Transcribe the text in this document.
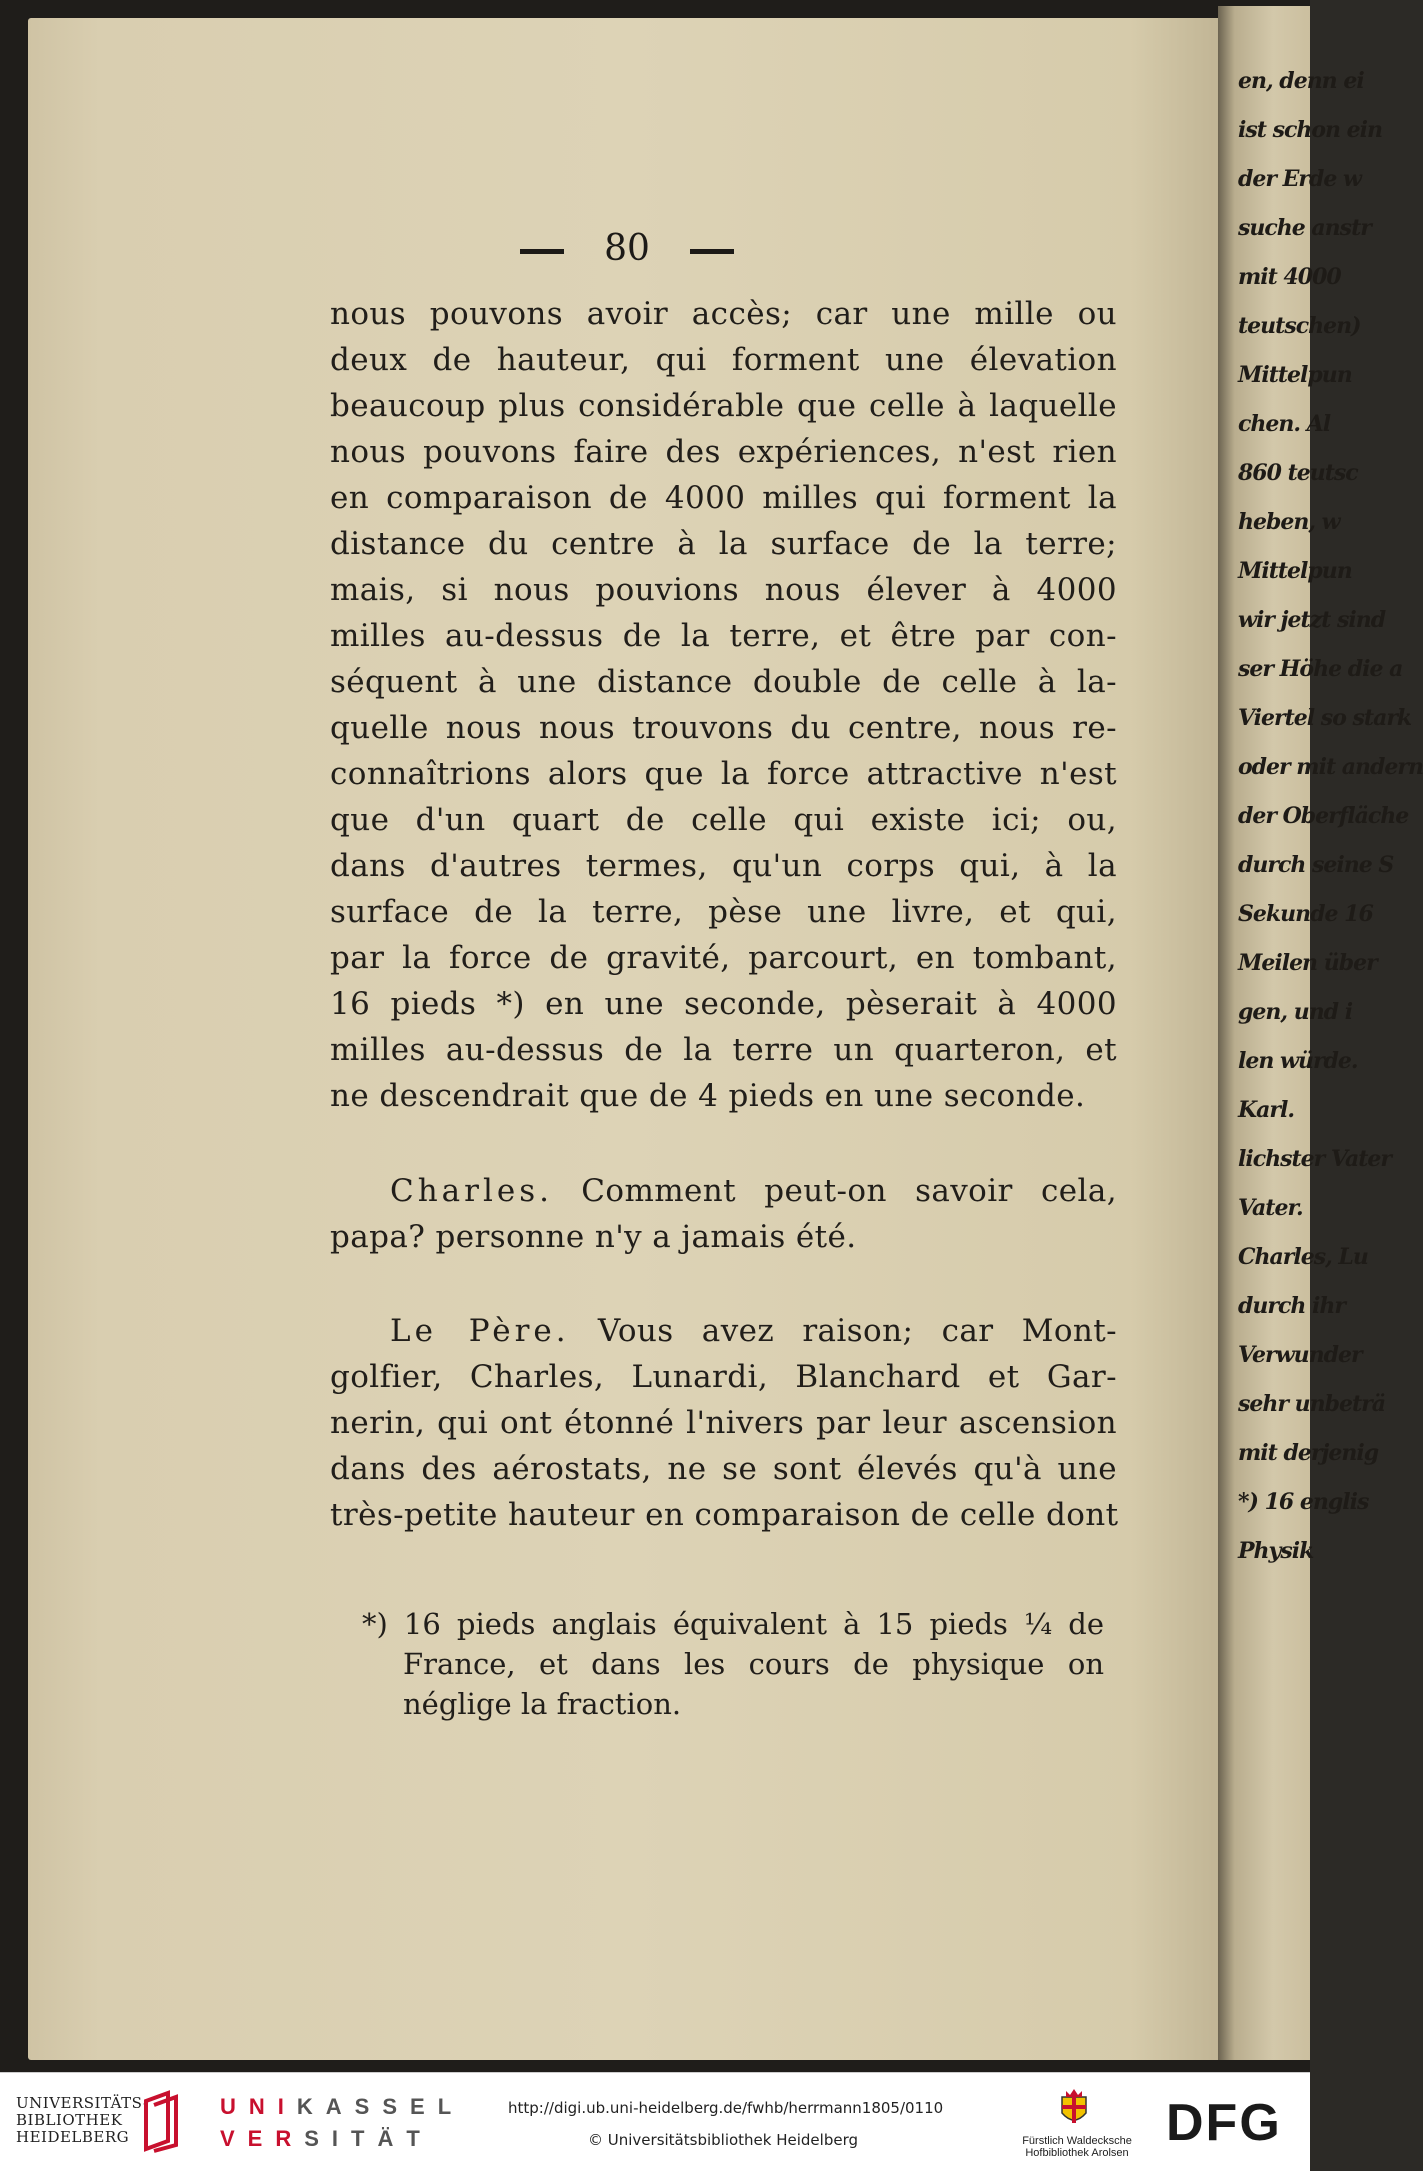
80
nous pouvons avoir accès; car une mille ou
deux de hauteur, qui forment une élevation
beaucoup plus considérable que celle à laquelle
nous pouvons faire des expériences, n'est rien
en comparaison de 4000 milles qui forment la
distance du centre à la surface de la terre;
mais, si nous pouvions nous élever à 4000
milles au-dessus de la terre, et être par con-
séquent à une distance double de celle à la-
quelle nous nous trouvons du centre, nous re-
connaîtrions alors que la force attractive n'est
que d'un quart de celle qui existe ici; ou,
dans d'autres termes, qu'un corps qui, à la
surface de la terre, pèse une livre, et qui,
par la force de gravité, parcourt, en tombant,
16 pieds *) en une seconde, pèserait à 4000
milles au-dessus de la terre un quarteron, et
ne descendrait que de 4 pieds en une seconde.
Charles. Comment peut-on savoir cela,
papa? personne n'y a jamais été.
Le Père. Vous avez raison; car Mont-
golfier, Charles, Lunardi, Blanchard et Gar-
nerin, qui ont étonné l'nivers par leur ascension
dans des aérostats, ne se sont élevés qu'à une
très-petite hauteur en comparaison de celle dont
*) 16 pieds anglais équivalent à 15 pieds ¼ de
France, et dans les cours de physique on
néglige la fraction.
en, denn ei
ist schon ein
der Erde w
suche anstr
mit 4000
teutschen)
Mittelpun
chen. Al
860 teutsc
heben, w
Mittelpun
wir jetzt sind
ser Höhe die a
Viertel so stark
oder mit andern
der Oberfläche
durch seine S
Sekunde 16
Meilen über
gen, und i
len würde.
Karl.
lichster Vater
Vater.
Charles, Lu
durch ihr
Verwunder
sehr unbeträ
mit derjenig
*) 16 englis
Physik
UNIVERSITÄTS-
BIBLIOTHEK
HEIDELBERG
UNIKASSEL
VERSITÄT
http://digi.ub.uni-heidelberg.de/fwhb/herrmann1805/0110
© Universitätsbibliothek Heidelberg	Fürstlich Waldecksche
Hofbibliothek Arolsen
DFG
